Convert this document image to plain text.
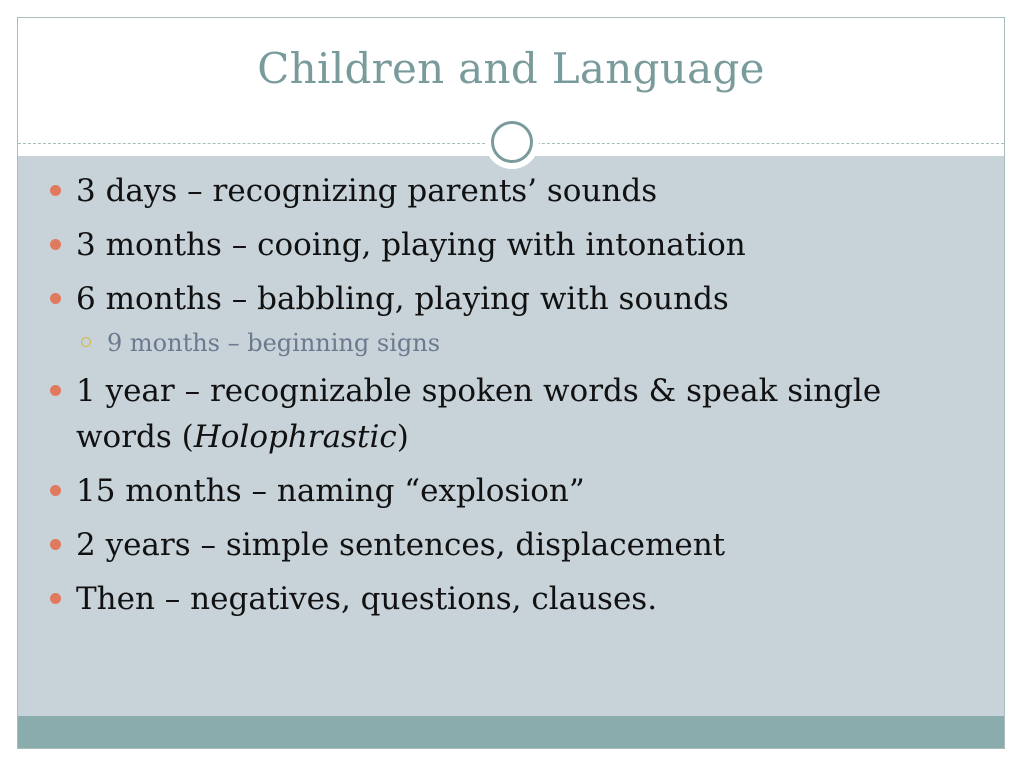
Children and Language
3 days – recognizing parents’ sounds
3 months – cooing, playing with intonation
6 months – babbling, playing with sounds
9 months – beginning signs
1 year – recognizable spoken words & speak single words (Holophrastic)
15 months – naming “explosion”
2 years – simple sentences, displacement
Then – negatives, questions, clauses.
